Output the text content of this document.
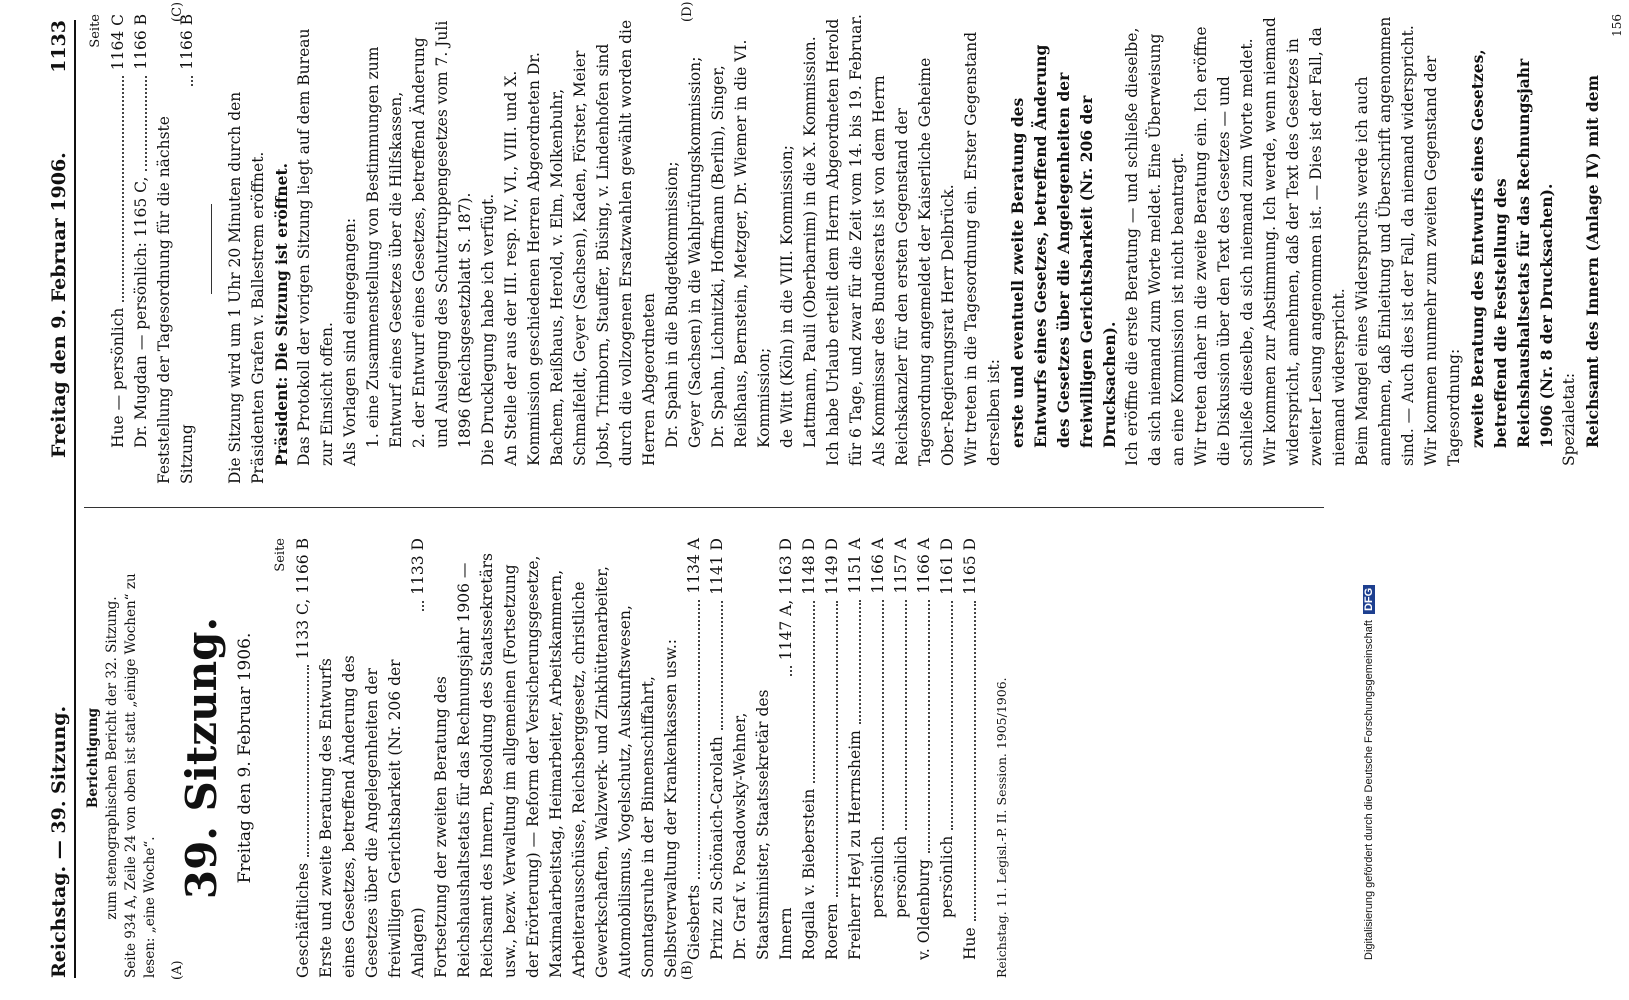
Reichstag. — 39. Sitzung.
Freitag den 9. Februar 1906.
1133
(A)	(B)
(C)	(D)
Berichtigung zum stenographischen Bericht der 32. Sitzung. Seite 934 A, Zeile 24 von oben ist statt „einige Wochen“ zu lesen: „eine Woche“.

39. Sitzung. Freitag den 9. Februar 1906.
Seite
Geschäftliches
1133 C, 1166 B
Erste und zweite Beratung des Entwurfs eines Gesetzes, betreffend Änderung des Gesetzes über die Angelegenheiten der freiwilligen Gerichtsbarkeit (Nr. 206 der Anlagen)
1133 D

Fortsetzung der zweiten Beratung des Reichshaushaltsetats für das Rechnungsjahr 1906 — Reichsamt des Innern, Besoldung des Staatssekretärs usw., bezw. Verwaltung im allgemeinen (Fortsetzung der Erörterung) — Reform der Versicherungsgesetze, Maximalarbeitstag, Heimarbeiter, Arbeitskammern, Arbeiterausschüsse, Reichsberggesetz, christliche Gewerkschaften, Walzwerk- und Zinkhüttenarbeiter, Automobilismus, Vogelschutz, Auskunftswesen, Sonntagsruhe in der Binnenschiffahrt, Selbstverwaltung der Krankenkassen usw.: Giesberts
1134 A
Prinz zu Schönaich-Carolath
1141 D
Dr. Graf v. Posadowsky-Wehner, Staatsminister, Staatssekretär des Innern
1147 A, 1163 D
Rogalla v. Bieberstein
1148 D
Roeren
1149 D
Freiherr Heyl zu Herrnsheim
1151 A
persönlich
1166 A
persönlich
1157 A
v. Oldenburg
1166 A
persönlich
1161 D
Hue
1165 D
Reichstag. 11. Legisl.-P. II. Session. 1905/1906.
Seite
Hue — persönlich
1164 C
Dr. Mugdan — persönlich: 1165 C,
1166 B
Feststellung der Tagesordnung für die nächste Sitzung
1166 B

Die Sitzung wird um 1 Uhr 20 Minuten durch den Präsidenten Grafen v. Ballestrem eröffnet. Präsident: Die Sitzung ist eröffnet. Das Protokoll der vorigen Sitzung liegt auf dem Bureau zur Einsicht offen. Als Vorlagen sind eingegangen: 1. eine Zusammenstellung von Bestimmungen zum Entwurf eines Gesetzes über die Hilfskassen, 2. der Entwurf eines Gesetzes, betreffend Änderung und Auslegung des Schutztruppengesetzes vom 7. Juli 1896 (Reichsgesetzblatt S. 187). Die Drucklegung habe ich verfügt. An Stelle der aus der III. resp. IV., VI., VIII. und X. Kommission geschiedenen Herren Abgeordneten Dr. Bachem, Reißhaus, Herold, v. Elm, Molkenbuhr, Schmalfeldt, Geyer (Sachsen), Kaden, Förster, Meier Jobst, Trimborn, Stauffer, Büsing, v. Lindenhofen sind durch die vollzogenen Ersatzwahlen gewählt worden die Herren Abgeordneten Dr. Spahn in die Budgetkommission; Geyer (Sachsen) in die Wahlprüfungskommission; Dr. Spahn, Lichnitzki, Hoffmann (Berlin), Singer, Reißhaus, Bernstein, Metzger, Dr. Wiemer in die VI. Kommission; de Witt (Köln) in die VIII. Kommission; Lattmann, Pauli (Oberbarnim) in die X. Kommission. Ich habe Urlaub erteilt dem Herrn Abgeordneten Herold für 6 Tage, und zwar für die Zeit vom 14. bis 19. Februar. Als Kommissar des Bundesrats ist von dem Herrn Reichskanzler für den ersten Gegenstand der Tagesordnung angemeldet der Kaiserliche Geheime Ober-Regierungsrat Herr Delbrück. Wir treten in die Tagesordnung ein. Erster Gegenstand derselben ist: erste und eventuell zweite Beratung des Entwurfs eines Gesetzes, betreffend Änderung des Gesetzes über die Angelegenheiten der freiwilligen Gerichtsbarkeit (Nr. 206 der Drucksachen). Ich eröffne die erste Beratung — und schließe dieselbe, da sich niemand zum Worte meldet. Eine Überweisung an eine Kommission ist nicht beantragt. Wir treten daher in die zweite Beratung ein. Ich eröffne die Diskussion über den Text des Gesetzes — und schließe dieselbe, da sich niemand zum Worte meldet. Wir kommen zur Abstimmung. Ich werde, wenn niemand widerspricht, annehmen, daß der Text des Gesetzes in zweiter Lesung angenommen ist. — Dies ist der Fall, da niemand widerspricht. Beim Mangel eines Widerspruchs werde ich auch annehmen, daß Einleitung und Überschrift angenommen sind. — Auch dies ist der Fall, da niemand widerspricht. Wir kommen nunmehr zum zweiten Gegenstand der Tagesordnung: zweite Beratung des Entwurfs eines Gesetzes, betreffend die Feststellung des Reichshaushaltsetats für das Rechnungsjahr 1906 (Nr. 8 der Drucksachen). Spezialetat: Reichsamt des Innern (Anlage IV) mit dem

156
Digitalisierung gefördert durch die Deutsche ForschungsgemeinschaftDFG
